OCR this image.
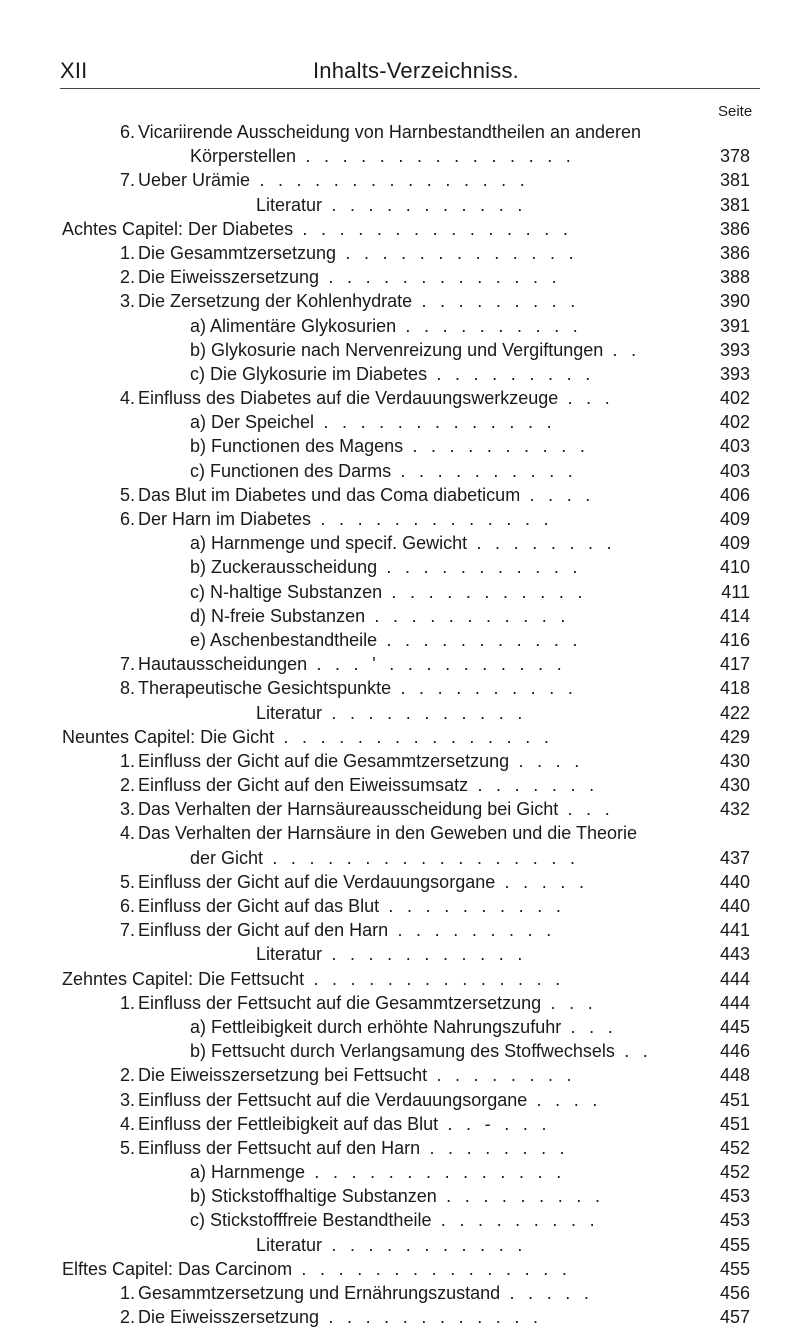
XII	Inhalts-Verzeichniss.
Seite
6. Vicariirende Ausscheidung von Harnbestandtheilen an anderen
Körperstellen . . . . . . . . . . . . . . .	378
7. Ueber Urämie . . . . . . . . . . . . . . .	381
Literatur . . . . . . . . . . .	381
Achtes Capitel: Der Diabetes . . . . . . . . . . . . . . .	386
1. Die Gesammtzersetzung . . . . . . . . . . . . .	386
2. Die Eiweisszersetzung . . . . . . . . . . . . .	388
3. Die Zersetzung der Kohlenhydrate . . . . . . . . .	390
a) Alimentäre Glykosurien . . . . . . . . . .	391
b) Glykosurie nach Nervenreizung und Vergiftungen . .	393
c) Die Glykosurie im Diabetes . . . . . . . . .	393
4. Einfluss des Diabetes auf die Verdauungswerkzeuge . . .	402
a) Der Speichel . . . . . . . . . . . . .	402
b) Functionen des Magens . . . . . . . . . .	403
c) Functionen des Darms . . . . . . . . . .	403
5. Das Blut im Diabetes und das Coma diabeticum . . . .	406
6. Der Harn im Diabetes . . . . . . . . . . . . .	409
a) Harnmenge und specif. Gewicht . . . . . . . .	409
b) Zuckerausscheidung . . . . . . . . . . .	410
c) N-haltige Substanzen . . . . . . . . . . .	411
d) N-freie Substanzen . . . . . . . . . . .	414
e) Aschenbestandtheile . . . . . . . . . . .	416
7. Hautausscheidungen . . . ' . . . . . . . . . .	417
8. Therapeutische Gesichtspunkte . . . . . . . . . .	418
Literatur . . . . . . . . . . .	422
Neuntes Capitel: Die Gicht . . . . . . . . . . . . . . .	429
1. Einfluss der Gicht auf die Gesammtzersetzung . . . .	430
2. Einfluss der Gicht auf den Eiweissumsatz . . . . . . .	430
3. Das Verhalten der Harnsäureausscheidung bei Gicht . . .	432
4. Das Verhalten der Harnsäure in den Geweben und die Theorie
der Gicht . . . . . . . . . . . . . . . . .	437
5. Einfluss der Gicht auf die Verdauungsorgane . . . . .	440
6. Einfluss der Gicht auf das Blut . . . . . . . . . .	440
7. Einfluss der Gicht auf den Harn . . . . . . . . .	441
Literatur . . . . . . . . . . .	443
Zehntes Capitel: Die Fettsucht . . . . . . . . . . . . . .	444
1. Einfluss der Fettsucht auf die Gesammtzersetzung . . .	444
a) Fettleibigkeit durch erhöhte Nahrungszufuhr . . .	445
b) Fettsucht durch Verlangsamung des Stoffwechsels . .	446
2. Die Eiweisszersetzung bei Fettsucht . . . . . . . .	448
3. Einfluss der Fettsucht auf die Verdauungsorgane . . . .	451
4. Einfluss der Fettleibigkeit auf das Blut . . - . . .	451
5. Einfluss der Fettsucht auf den Harn . . . . . . . .	452
a) Harnmenge . . . . . . . . . . . . . .	452
b) Stickstoffhaltige Substanzen . . . . . . . . .	453
c) Stickstofffreie Bestandtheile . . . . . . . . .	453
Literatur . . . . . . . . . . .	455
Elftes Capitel: Das Carcinom . . . . . . . . . . . . . . .	455
1. Gesammtzersetzung und Ernährungszustand . . . . .	456
2. Die Eiweisszersetzung . . . . . . . . . . . .	457
